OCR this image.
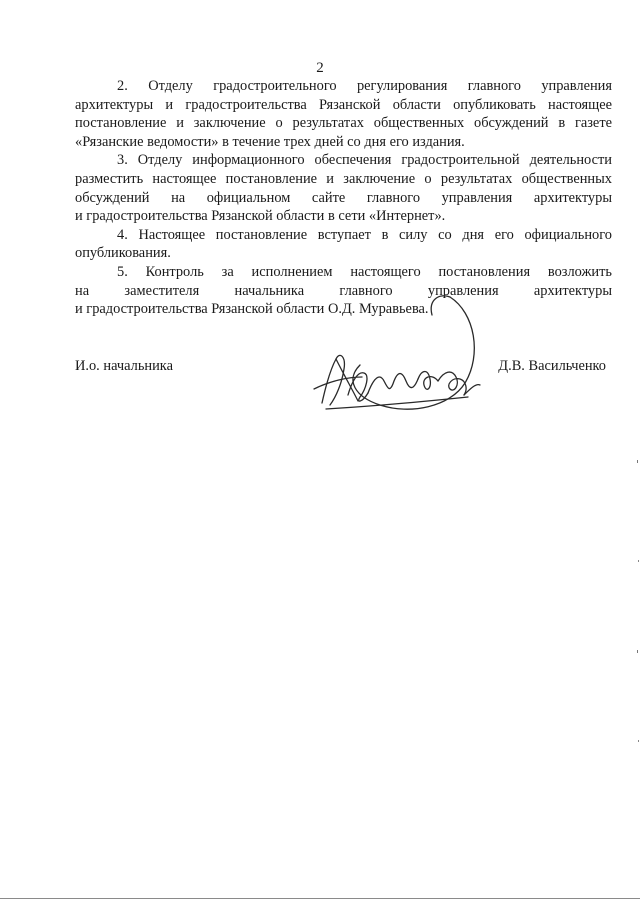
2

2. Отделу градостроительного регулирования главного управления
архитектуры и градостроительства Рязанской области опубликовать настоящее
постановление и заключение о результатах общественных обсуждений в газете
«Рязанские ведомости» в течение трех дней со дня его издания.

3. Отделу информационного обеспечения градостроительной деятельности
разместить настоящее постановление и заключение о результатах общественных
обсуждений на официальном сайте главного управления архитектуры
и градостроительства Рязанской области в сети «Интернет».

4. Настоящее постановление вступает в силу со дня его официального
опубликования.

5. Контроль за исполнением настоящего постановления возложить
на заместителя начальника главного управления архитектуры
и градостроительства Рязанской области О.Д. Муравьева.

И.о. начальника	Д.В. Васильченко
